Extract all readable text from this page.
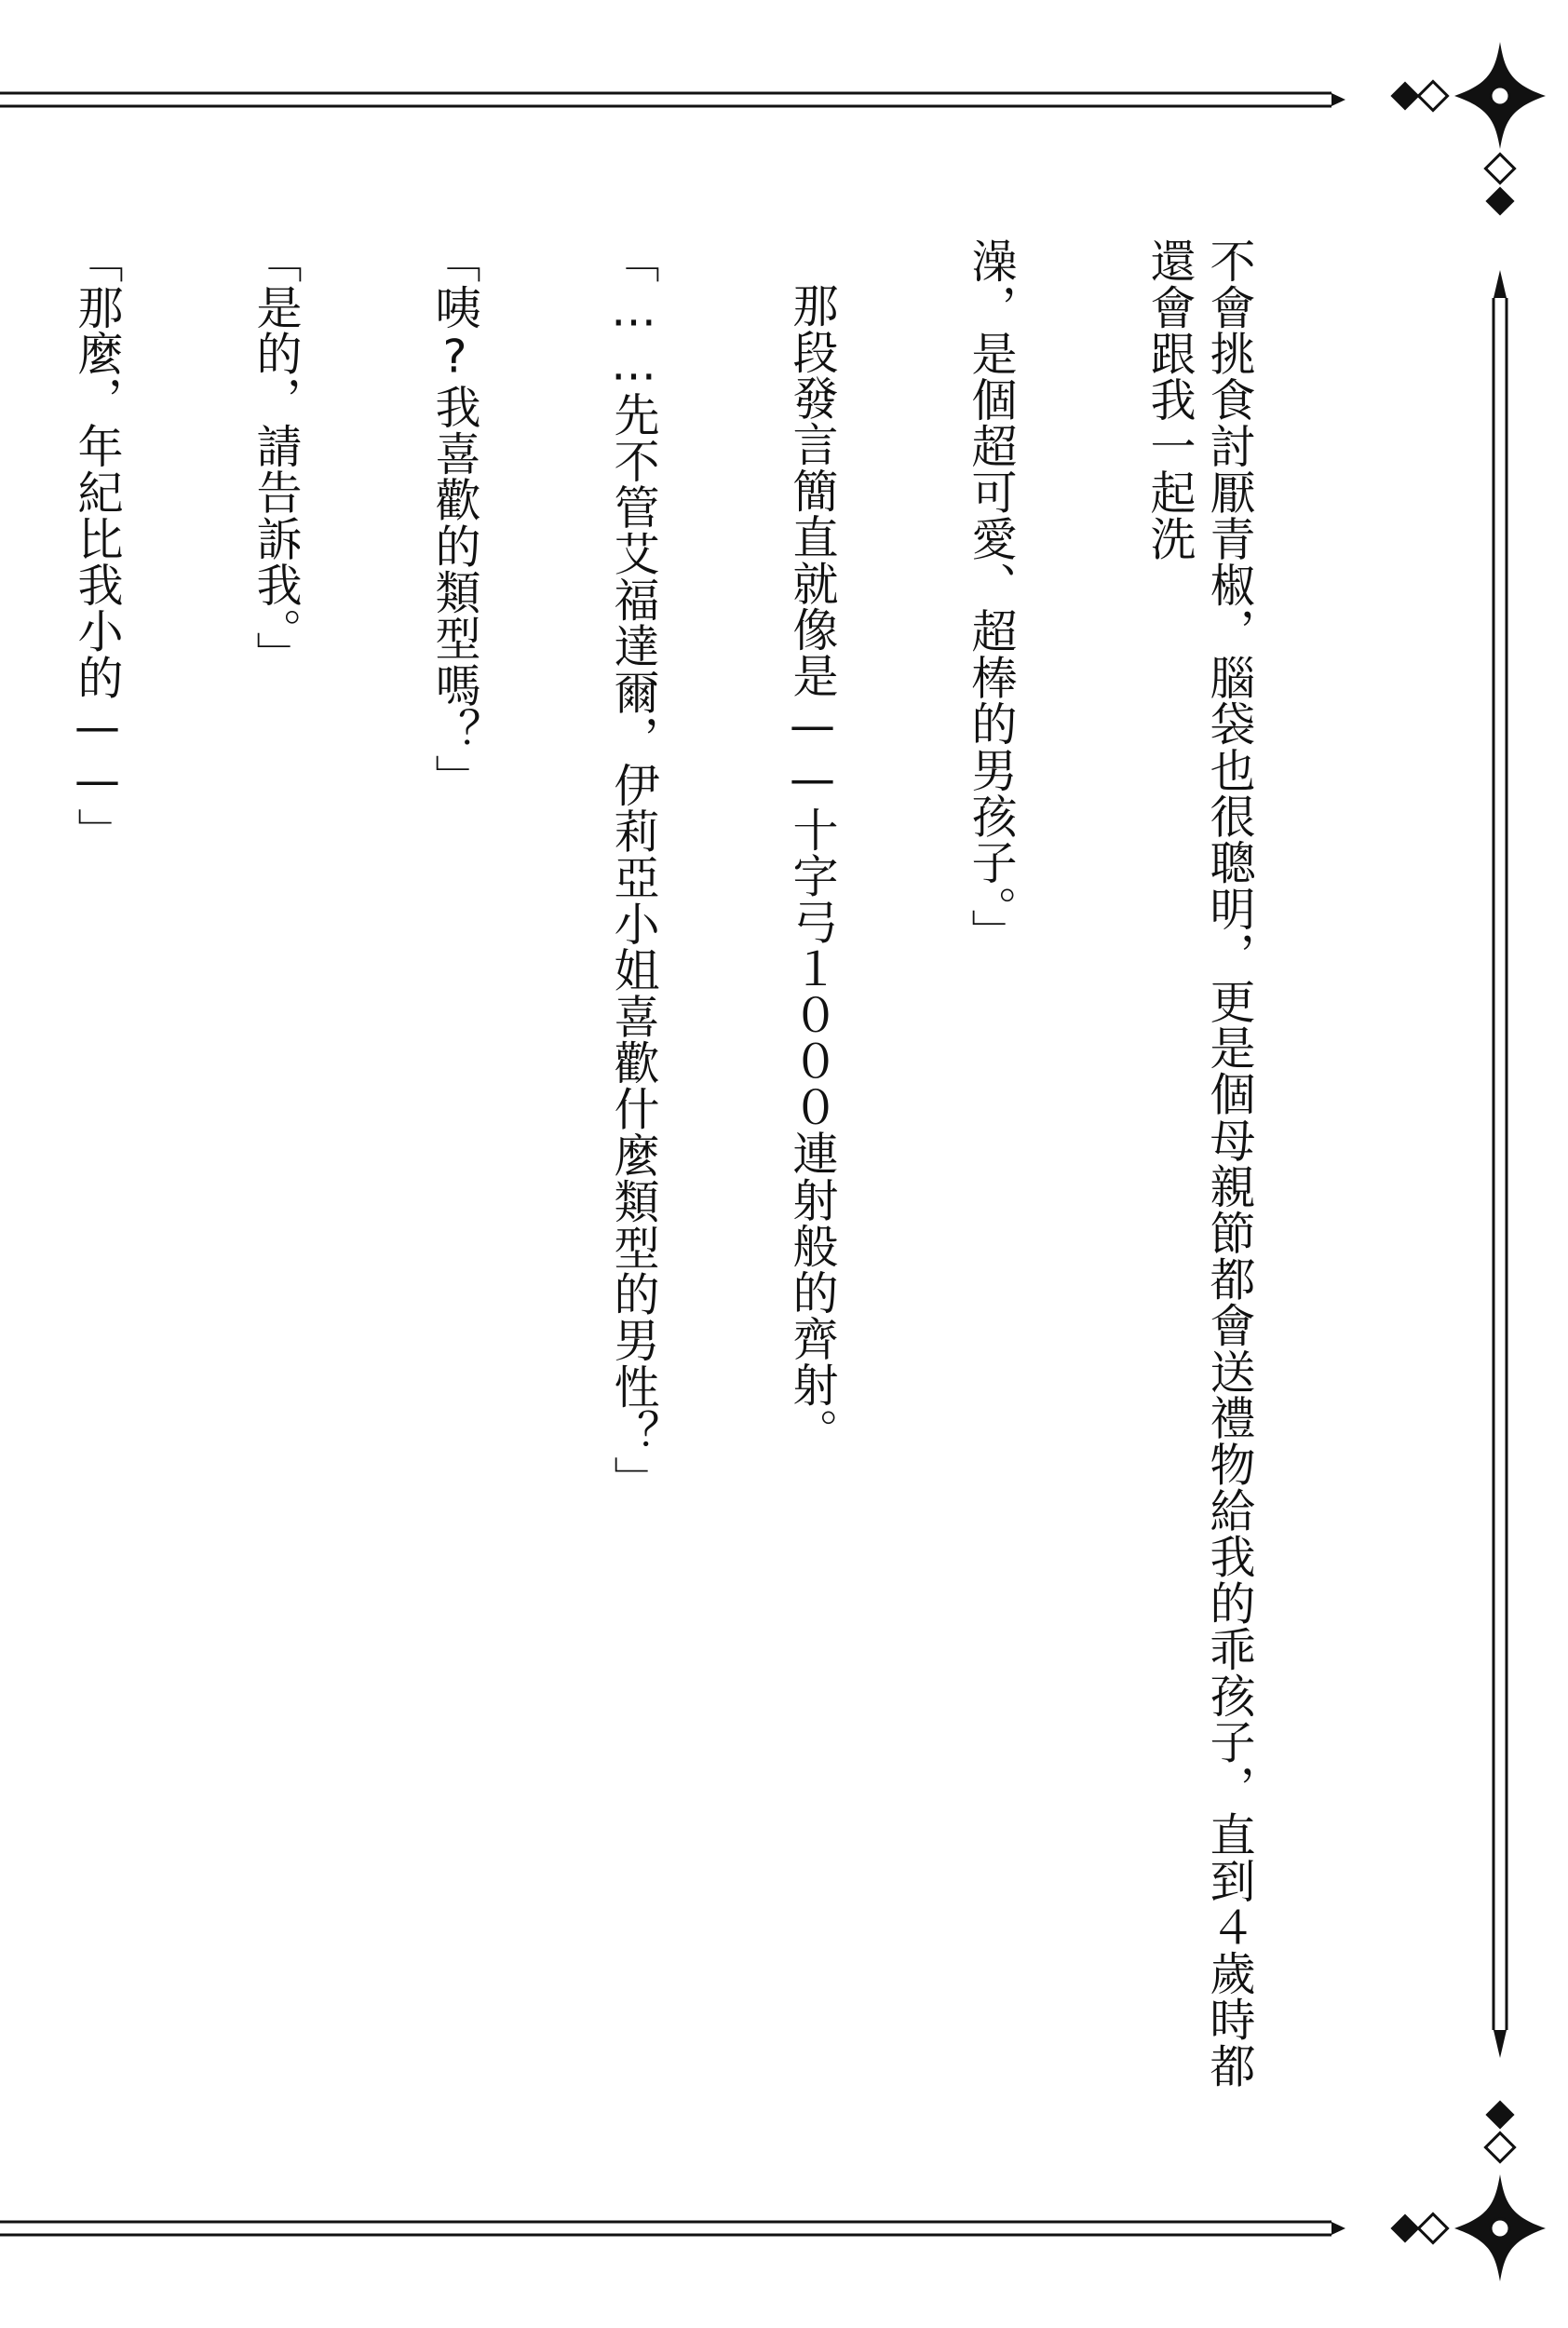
不會挑食討厭青椒，腦袋也很聰明，更是個母親節都會送禮物給我的乖孩子，直到４歲時都還會跟我一起洗

澡，是個超可愛、超棒的男孩子。」

那段發言簡直就像是——十字弓１０００連射般的齊射。

「……先不管艾福達爾，伊莉亞小姐喜歡什麼類型的男性？」

「咦?我喜歡的類型嗎？」

「是的，請告訴我。」

「那麼，年紀比我小的——」
